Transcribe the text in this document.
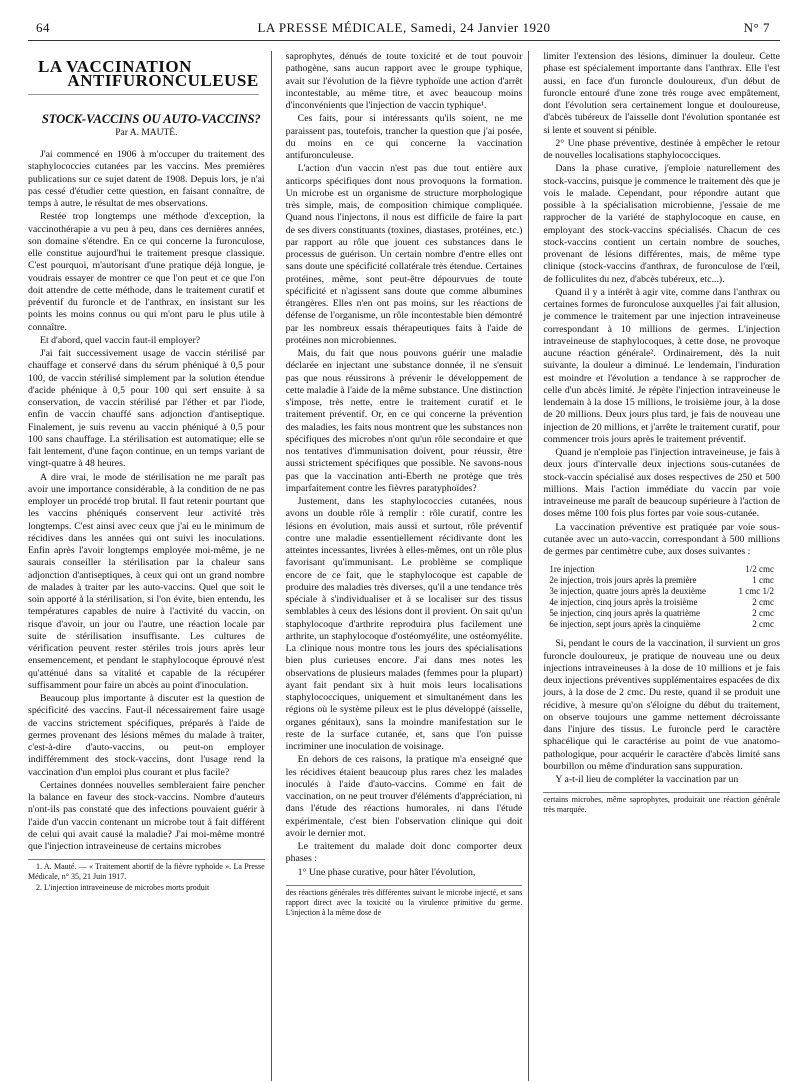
64	LA PRESSE MÉDICALE, Samedi, 24 Janvier 1920	N° 7
LA VACCINATION
ANTIFURONCULEUSE
STOCK-VACCINS OU AUTO-VACCINS?
Par A. MAUTÉ.

J'ai commencé en 1906 à m'occuper du traitement des staphylococcies cutanées par les vaccins. Mes premières publications sur ce sujet datent de 1908. Depuis lors, je n'ai pas cessé d'étudier cette question, en faisant connaître, de temps à autre, le résultat de mes observations.

Restée trop longtemps une méthode d'exception, la vaccinothérapie a vu peu à peu, dans ces dernières années, son domaine s'étendre. En ce qui concerne la furonculose, elle constitue aujourd'hui le traitement presque classique. C'est pourquoi, m'autorisant d'une pratique déjà longue, je voudrais essayer de montrer ce que l'on peut et ce que l'on doit attendre de cette méthode, dans le traitement curatif et préventif du furoncle et de l'anthrax, en insistant sur les points les moins connus ou qui m'ont paru le plus utile à connaître.

Et d'abord, quel vaccin faut-il employer?

J'ai fait successivement usage de vaccin stérilisé par chauffage et conservé dans du sérum phéniqué à 0,5 pour 100, de vaccin stérilisé simplement par la solution étendue d'acide phénique à 0,5 pour 100 qui sert ensuite à sa conservation, de vaccin stérilisé par l'éther et par l'iode, enfin de vaccin chauffé sans adjonction d'antiseptique. Finalement, je suis revenu au vaccin phéniqué à 0,5 pour 100 sans chauffage. La stérilisation est automatique; elle se fait lentement, d'une façon continue, en un temps variant de vingt-quatre à 48 heures.

A dire vrai, le mode de stérilisation ne me paraît pas avoir une importance considérable, à la condition de ne pas employer un procédé trop brutal. Il faut retenir pourtant que les vaccins phéniqués conservent leur activité très longtemps. C'est ainsi avec ceux que j'ai eu le minimum de récidives dans les années qui ont suivi les inoculations. Enfin après l'avoir longtemps employée moi-même, je ne saurais conseiller la stérilisation par la chaleur sans adjonction d'antiseptiques, à ceux qui ont un grand nombre de malades à traiter par les auto-vaccins. Quel que soit le soin apporté à la stérilisation, si l'on évite, bien entendu, les températures capables de nuire à l'activité du vaccin, on risque d'avoir, un jour ou l'autre, une réaction locale par suite de stérilisation insuffisante. Les cultures de vérification peuvent rester stériles trois jours après leur ensemencement, et pendant le staphylocoque éprouvé n'est qu'atténué dans sa vitalité et capable de la récupérer suffisamment pour faire un abcès au point d'inoculation.

Beaucoup plus importante à discuter est la question de spécificité des vaccins. Faut-il nécessairement faire usage de vaccins strictement spécifiques, préparés à l'aide de germes provenant des lésions mêmes du malade à traiter, c'est-à-dire d'auto-vaccins, ou peut-on employer indifféremment des stock-vaccins, dont l'usage rend la vaccination d'un emploi plus courant et plus facile?

Certaines données nouvelles sembleraient faire pencher la balance en faveur des stock-vaccins. Nombre d'auteurs n'ont-ils pas constaté que des infections pouvaient guérir à l'aide d'un vaccin contenant un microbe tout à fait différent de celui qui avait causé la maladie? J'ai moi-même montré que l'injection intraveineuse de certains microbes

1. A. Mauté. — « Traitement abortif de la fièvre typhoïde ». La Presse Médicale, n° 35, 21 Juin 1917.

2. L'injection intraveineuse de microbes morts produit

saprophytes, dénués de toute toxicité et de tout pouvoir pathogène, sans aucun rapport avec le groupe typhique, avait sur l'évolution de la fièvre typhoïde une action d'arrêt incontestable, au même titre, et avec beaucoup moins d'inconvénients que l'injection de vaccin typhique¹.

Ces faits, pour si intéressants qu'ils soient, ne me paraissent pas, toutefois, trancher la question que j'ai posée, du moins en ce qui concerne la vaccination antifuronculeuse.

L'action d'un vaccin n'est pas due tout entière aux anticorps spécifiques dont nous provoquons la formation. Un microbe est un organisme de structure morphologique très simple, mais, de composition chimique compliquée. Quand nous l'injectons, il nous est difficile de faire la part de ses divers constituants (toxines, diastases, protéines, etc.) par rapport au rôle que jouent ces substances dans le processus de guérison. Un certain nombre d'entre elles ont sans doute une spécificité collatérale très étendue. Certaines protéines, même, sont peut-être dépourvues de toute spécificité et n'agissent sans doute que comme albumines étrangères. Elles n'en ont pas moins, sur les réactions de défense de l'organisme, un rôle incontestable bien démontré par les nombreux essais thérapeutiques faits à l'aide de protéines non microbiennes.

Mais, du fait que nous pouvons guérir une maladie déclarée en injectant une substance donnée, il ne s'ensuit pas que nous réussirons à prévenir le développement de cette maladie à l'aide de la même substance. Une distinction s'impose, très nette, entre le traitement curatif et le traitement préventif. Or, en ce qui concerne la prévention des maladies, les faits nous montrent que les substances non spécifiques des microbes n'ont qu'un rôle secondaire et que nos tentatives d'immunisation doivent, pour réussir, être aussi strictement spécifiques que possible. Ne savons-nous pas que la vaccination anti-Eberth ne protège que très imparfaitement contre les fièvres paratyphoïdes?

Justement, dans les staphylococcies cutanées, nous avons un double rôle à remplir : rôle curatif, contre les lésions en évolution, mais aussi et surtout, rôle préventif contre une maladie essentiellement récidivante dont les atteintes incessantes, livrées à elles-mêmes, ont un rôle plus favorisant qu'immunisant. Le problème se complique encore de ce fait, que le staphylocoque est capable de produire des maladies très diverses, qu'il a une tendance très spéciale à s'individualiser et à se localiser sur des tissus semblables à ceux des lésions dont il provient. On sait qu'un staphylocoque d'arthrite reproduira plus facilement une arthrite, un staphylocoque d'ostéomyélite, une ostéomyélite. La clinique nous montre tous les jours des spécialisations bien plus curieuses encore. J'ai dans mes notes les observations de plusieurs malades (femmes pour la plupart) ayant fait pendant six à huit mois leurs localisations staphylococciques, uniquement et simultanément dans les régions où le système pileux est le plus développé (aisselle, organes génitaux), sans la moindre manifestation sur le reste de la surface cutanée, et, sans que l'on puisse incriminer une inoculation de voisinage.

En dehors de ces raisons, la pratique m'a enseigné que les récidives étaient beaucoup plus rares chez les malades inoculés à l'aide d'auto-vaccins. Comme en fait de vaccination, on ne peut trouver d'éléments d'appréciation, ni dans l'étude des réactions humorales, ni dans l'étude expérimentale, c'est bien l'observation clinique qui doit avoir le dernier mot.

Le traitement du malade doit donc comporter deux phases :

1° Une phase curative, pour hâter l'évolution,

des réactions générales très différentes suivant le microbe injecté, et sans rapport direct avec la toxicité ou la virulence primitive du germe. L'injection à la même dose de

limiter l'extension des lésions, diminuer la douleur. Cette phase est spécialement importante dans l'anthrax. Elle l'est aussi, en face d'un furoncle douloureux, d'un début de furoncle entouré d'une zone très rouge avec empâtement, dont l'évolution sera certainement longue et douloureuse, d'abcès tubéreux de l'aisselle dont l'évolution spontanée est si lente et souvent si pénible.

2° Une phase préventive, destinée à empêcher le retour de nouvelles localisations staphylococciques.

Dans la phase curative, j'emploie naturellement des stock-vaccins, puisque je commence le traitement dès que je vois le malade. Cependant, pour répondre autant que possible à la spécialisation microbienne, j'essaie de me rapprocher de la variété de staphylocoque en cause, en employant des stock-vaccins spécialisés. Chacun de ces stock-vaccins contient un certain nombre de souches, provenant de lésions différentes, mais, de même type clinique (stock-vaccins d'anthrax, de furonculose de l'œil, de folliculites du nez, d'abcès tubéreux, etc...).

Quand il y a intérêt à agir vite, comme dans l'anthrax ou certaines formes de furonculose auxquelles j'ai fait allusion, je commence le traitement par une injection intraveineuse correspondant à 10 millions de germes. L'injection intraveineuse de staphylocoques, à cette dose, ne provoque aucune réaction générale². Ordinairement, dès la nuit suivante, la douleur a diminué. Le lendemain, l'induration est moindre et l'évolution a tendance à se rapprocher de celle d'un abcès limité. Je répète l'injection intraveineuse le lendemain à la dose 15 millions, le troisième jour, à la dose de 20 millions. Deux jours plus tard, je fais de nouveau une injection de 20 millions, et j'arrête le traitement curatif, pour commencer trois jours après le traitement préventif.

Quand je n'emploie pas l'injection intraveineuse, je fais à deux jours d'intervalle deux injections sous-cutanées de stock-vaccin spécialisé aux doses respectives de 250 et 500 millions. Mais l'action immédiate du vaccin par voie intraveineuse me paraît de beaucoup supérieure à l'action de doses même 100 fois plus fortes par voie sous-cutanée.

La vaccination préventive est pratiquée par voie sous-cutanée avec un auto-vaccin, correspondant à 500 millions de germes par centimètre cube, aux doses suivantes :

1re injection	1/2 cmc
2e injection, trois jours après la première	1 cmc
3e injection, quatre jours après la deuxième	1 cmc 1/2
4e injection, cinq jours après la troisième	2 cmc
5e injection, cinq jours après la quatrième	2 cmc
6e injection, sept jours après la cinquième	2 cmc

Si, pendant le cours de la vaccination, il survient un gros furoncle douloureux, je pratique de nouveau une ou deux injections intraveineuses à la dose de 10 millions et je fais deux injections préventives supplémentaires espacées de dix jours, à la dose de 2 cmc. Du reste, quand il se produit une récidive, à mesure qu'on s'éloigne du début du traitement, on observe toujours une gamme nettement décroissante dans l'injure des tissus. Le furoncle perd le caractère sphacélique qui le caractérise au point de vue anatomo-pathologique, pour acquérir le caractère d'abcès limité sans bourbillon ou même d'induration sans suppuration.

Y a-t-il lieu de compléter la vaccination par un

certains microbes, même saprophytes, produirait une réaction générale très marquée.
